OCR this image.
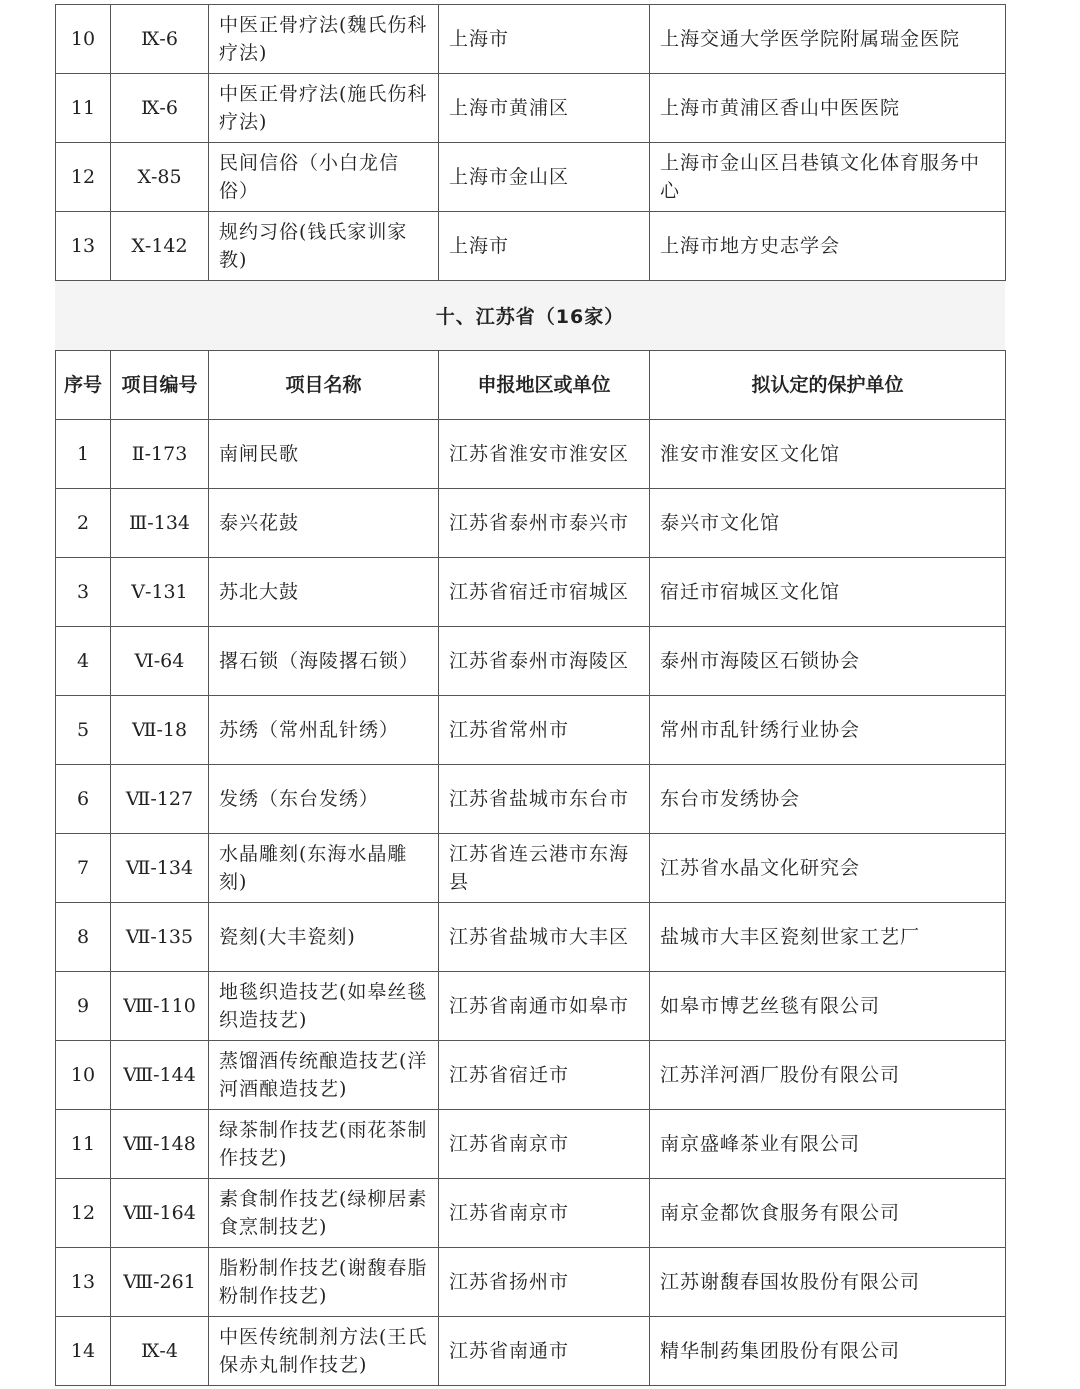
10	Ⅸ-6	中医正骨疗法(魏氏伤科疗法)	上海市	上海交通大学医学院附属瑞金医院
11	Ⅸ-6	中医正骨疗法(施氏伤科疗法)	上海市黄浦区	上海市黄浦区香山中医医院
12	Ⅹ-85	民间信俗（小白龙信俗）	上海市金山区	上海市金山区吕巷镇文化体育服务中心
13	Ⅹ-142	规约习俗(钱氏家训家教)	上海市	上海市地方史志学会
十、江苏省（16家）
序号	项目编号	项目名称	申报地区或单位	拟认定的保护单位
1	Ⅱ-173	南闸民歌	江苏省淮安市淮安区	淮安市淮安区文化馆
2	Ⅲ-134	泰兴花鼓	江苏省泰州市泰兴市	泰兴市文化馆
3	Ⅴ-131	苏北大鼓	江苏省宿迁市宿城区	宿迁市宿城区文化馆
4	Ⅵ-64	撂石锁（海陵撂石锁）	江苏省泰州市海陵区	泰州市海陵区石锁协会
5	Ⅶ-18	苏绣（常州乱针绣）	江苏省常州市	常州市乱针绣行业协会
6	Ⅶ-127	发绣（东台发绣）	江苏省盐城市东台市	东台市发绣协会
7	Ⅶ-134	水晶雕刻(东海水晶雕刻)	江苏省连云港市东海县	江苏省水晶文化研究会
8	Ⅶ-135	瓷刻(大丰瓷刻)	江苏省盐城市大丰区	盐城市大丰区瓷刻世家工艺厂
9	Ⅷ-110	地毯织造技艺(如皋丝毯织造技艺)	江苏省南通市如皋市	如皋市博艺丝毯有限公司
10	Ⅷ-144	蒸馏酒传统酿造技艺(洋河酒酿造技艺)	江苏省宿迁市	江苏洋河酒厂股份有限公司
11	Ⅷ-148	绿茶制作技艺(雨花茶制作技艺)	江苏省南京市	南京盛峰茶业有限公司
12	Ⅷ-164	素食制作技艺(绿柳居素食烹制技艺)	江苏省南京市	南京金都饮食服务有限公司
13	Ⅷ-261	脂粉制作技艺(谢馥春脂粉制作技艺)	江苏省扬州市	江苏谢馥春国妆股份有限公司
14	Ⅸ-4	中医传统制剂方法(王氏保赤丸制作技艺)	江苏省南通市	精华制药集团股份有限公司
